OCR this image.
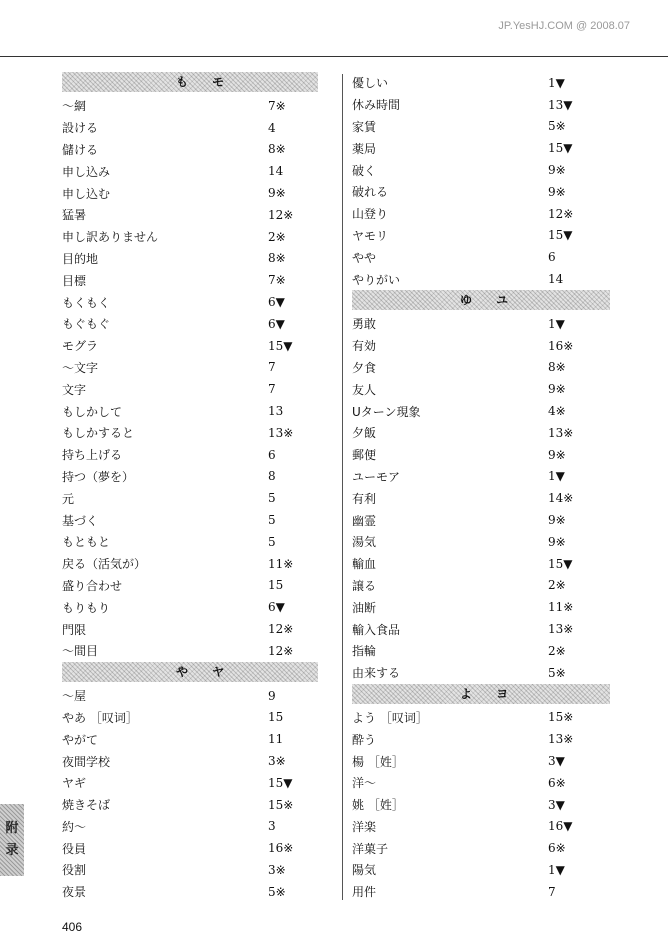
JP.YesHJ.COM @ 2008.07
も モ
～網	7※
設ける	4
儲ける	8※
申し込み	14
申し込む	9※
猛暑	12※
申し訳ありません	2※
目的地	8※
目標	7※
もくもく	6▼
もぐもぐ	6▼
モグラ	15▼
～文字	7
文字	7
もしかして	13
もしかすると	13※
持ち上げる	6
持つ（夢を）	8
元	5
基づく	5
もともと	5
戻る（活気が）	11※
盛り合わせ	15
もりもり	6▼
門限	12※
～間目	12※
や ヤ
～屋	9
やあ ［叹词］	15
やがて	11
夜間学校	3※
ヤギ	15▼
焼きそば	15※
約～	3
役員	16※
役割	3※
夜景	5※
優しい	1▼
休み時間	13▼
家賃	5※
薬局	15▼
破く	9※
破れる	9※
山登り	12※
ヤモリ	15▼
やや	6
やりがい	14
ゆ ユ
勇敢	1▼
有効	16※
夕食	8※
友人	9※
Uターン現象	4※
夕飯	13※
郵便	9※
ユーモア	1▼
有利	14※
幽霊	9※
湯気	9※
輸血	15▼
譲る	2※
油断	11※
輸入食品	13※
指輪	2※
由来する	5※
よ ヨ
よう ［叹词］	15※
酔う	13※
楊 ［姓］	3▼
洋～	6※
姚 ［姓］	3▼
洋楽	16▼
洋菓子	6※
陽気	1▼
用件	7
附
录
406
